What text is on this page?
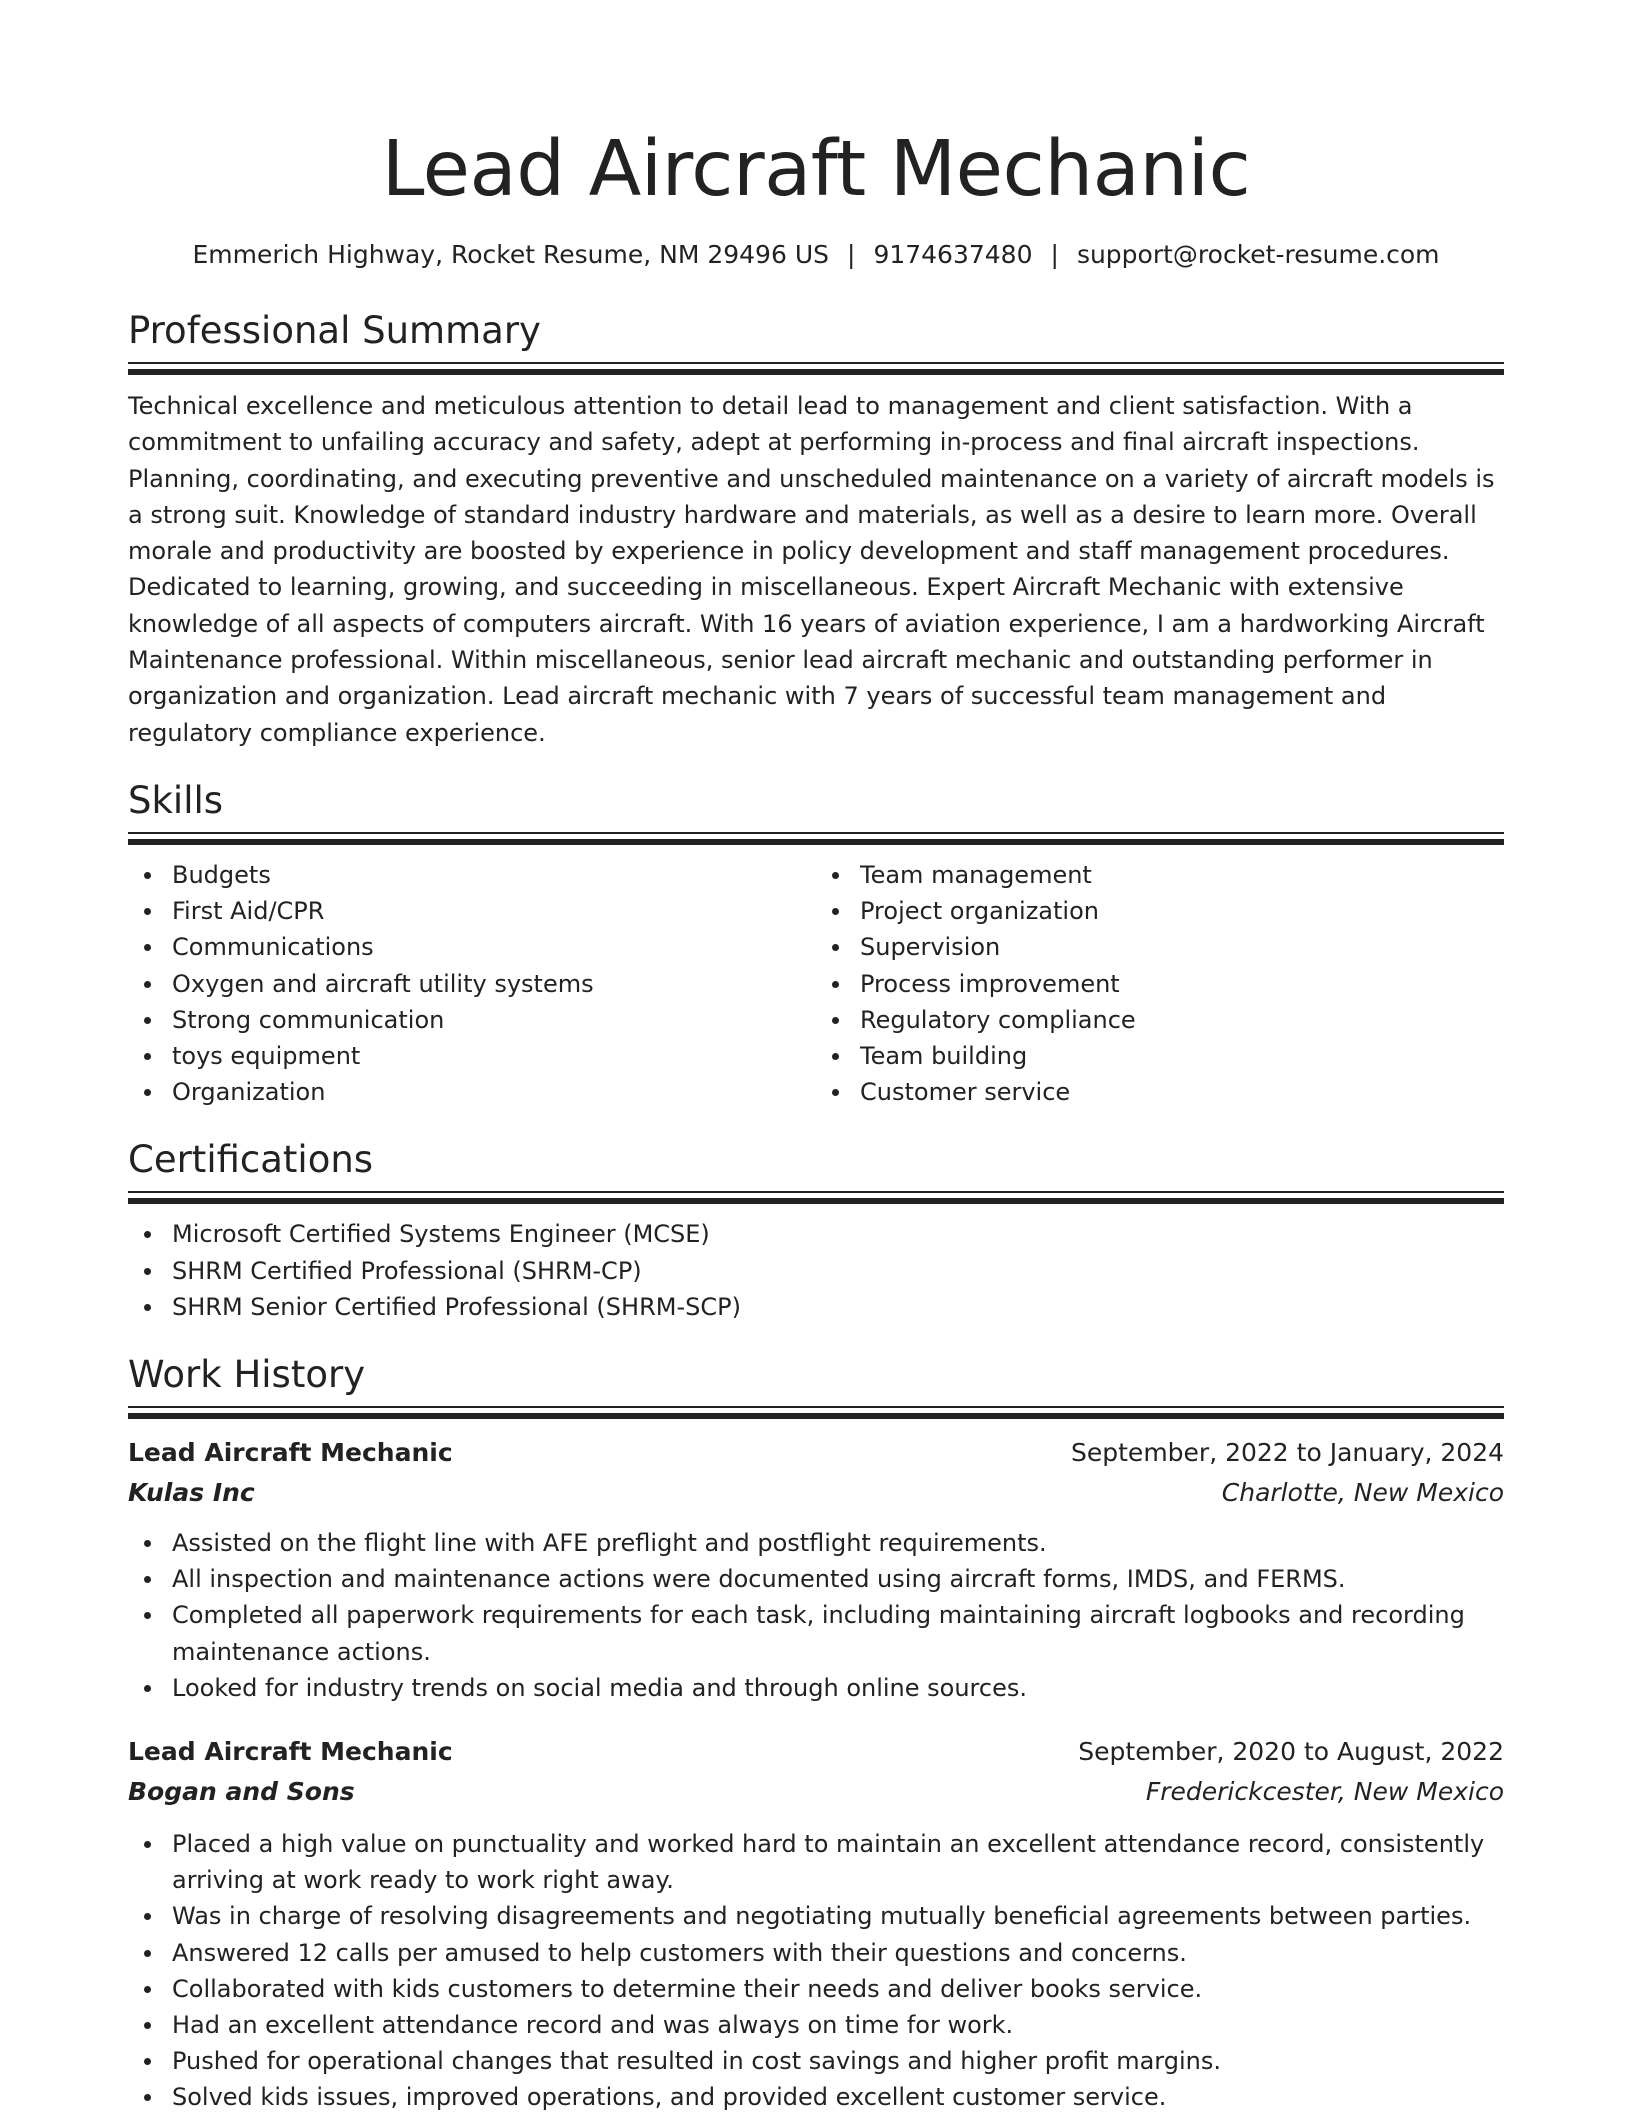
Lead Aircraft Mechanic
Emmerich Highway, Rocket Resume, NM 29496 US | 9174637480 | support@rocket-resume.com
Professional Summary

Technical excellence and meticulous attention to detail lead to management and client satisfaction. With a commitment to unfailing accuracy and safety, adept at performing in-process and final aircraft inspections. Planning, coordinating, and executing preventive and unscheduled maintenance on a variety of aircraft models is a strong suit. Knowledge of standard industry hardware and materials, as well as a desire to learn more. Overall morale and productivity are boosted by experience in policy development and staff management procedures. Dedicated to learning, growing, and succeeding in miscellaneous. Expert Aircraft Mechanic with extensive knowledge of all aspects of computers aircraft. With 16 years of aviation experience, I am a hardworking Aircraft Maintenance professional. Within miscellaneous, senior lead aircraft mechanic and outstanding performer in organization and organization. Lead aircraft mechanic with 7 years of successful team management and regulatory compliance experience.

Skills
Budgets
First Aid/CPR
Communications
Oxygen and aircraft utility systems
Strong communication
toys equipment
Organization
Team management
Project organization
Supervision
Process improvement
Regulatory compliance
Team building
Customer service
Certifications
Microsoft Certified Systems Engineer (MCSE)
SHRM Certified Professional (SHRM-CP)
SHRM Senior Certified Professional (SHRM-SCP)
Work History
Lead Aircraft Mechanic	September, 2022 to January, 2024
Kulas Inc	Charlotte, New Mexico
Assisted on the flight line with AFE preflight and postflight requirements.
All inspection and maintenance actions were documented using aircraft forms, IMDS, and FERMS.
Completed all paperwork requirements for each task, including maintaining aircraft logbooks and recording maintenance actions.
Looked for industry trends on social media and through online sources.
Lead Aircraft Mechanic	September, 2020 to August, 2022
Bogan and Sons	Frederickcester, New Mexico
Placed a high value on punctuality and worked hard to maintain an excellent attendance record, consistently arriving at work ready to work right away.
Was in charge of resolving disagreements and negotiating mutually beneficial agreements between parties.
Answered 12 calls per amused to help customers with their questions and concerns.
Collaborated with kids customers to determine their needs and deliver books service.
Had an excellent attendance record and was always on time for work.
Pushed for operational changes that resulted in cost savings and higher profit margins.
Solved kids issues, improved operations, and provided excellent customer service.
